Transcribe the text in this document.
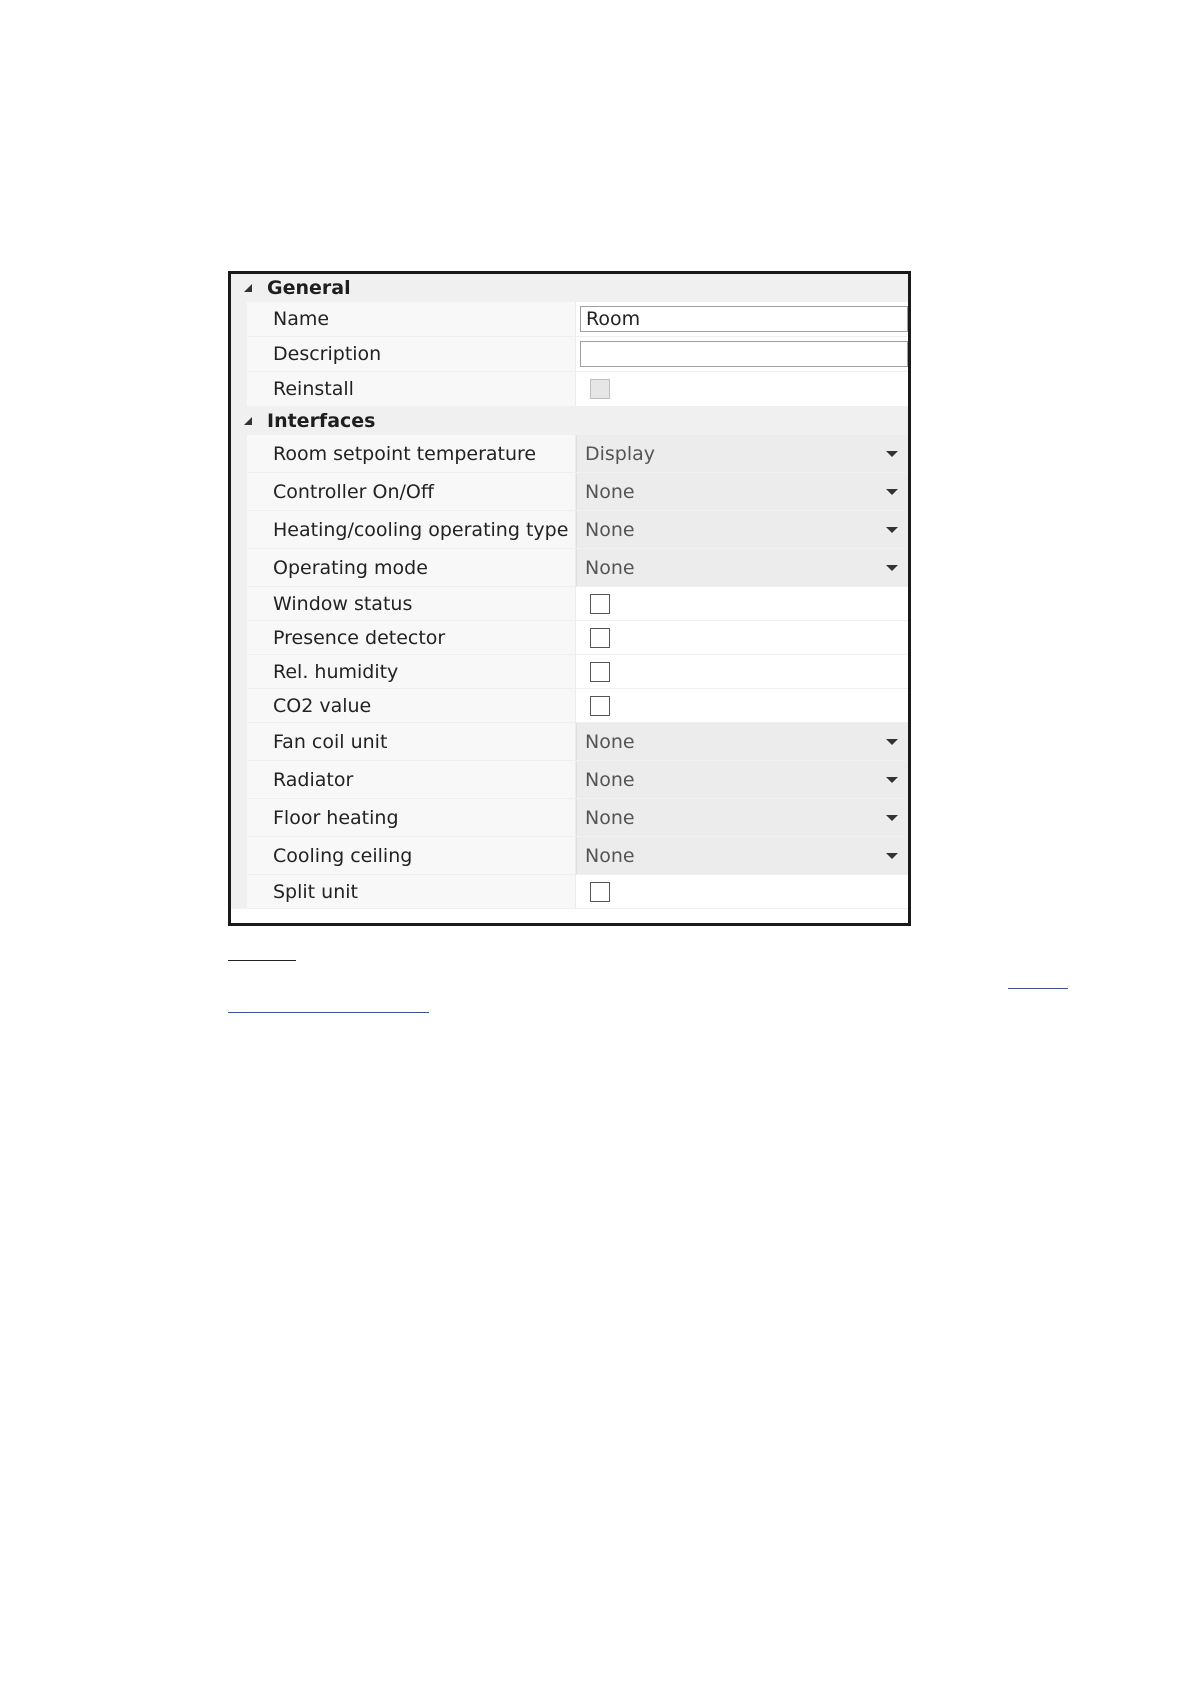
General
Name	Room
Description
Reinstall
Interfaces
Room setpoint temperature	Display
Controller On/Off	None
Heating/cooling operating type None
Operating mode	None
Window status
Presence detector
Rel. humidity
CO2 value
Fan coil unit	None
Radiator	None
Floor heating	None
Cooling ceiling	None
Split unit
